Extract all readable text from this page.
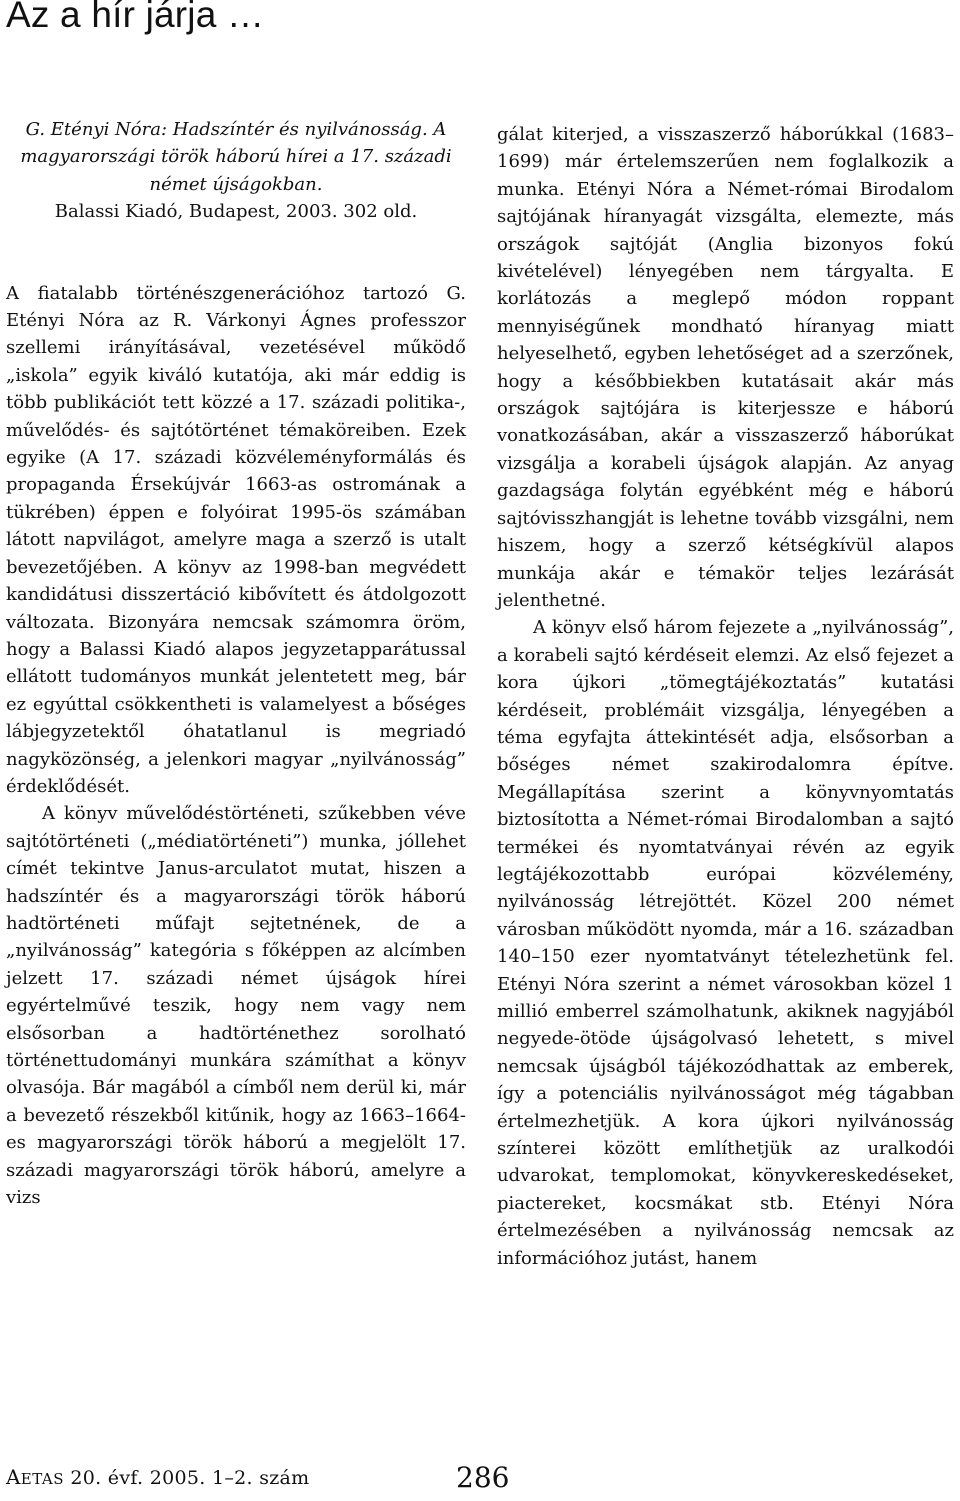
Az a hír járja …

G. Etényi Nóra: Hadszíntér és nyilvánosság. A magyarországi török háború hírei a 17. századi német újságokban.
Balassi Kiadó, Budapest, 2003. 302 old.

A fiatalabb történészgenerációhoz tartozó G. Etényi Nóra az R. Várkonyi Ágnes professzor szellemi irányításával, vezetésével működő „iskola” egyik kiváló kutatója, aki már eddig is több publikációt tett közzé a 17. századi politika-, művelődés- és sajtótörténet témaköreiben. Ezek egyike (A 17. századi közvéleményformálás és propaganda Érsekújvár 1663-as ostromának a tükrében) éppen e folyóirat 1995-ös számában látott napvilágot, amelyre maga a szerző is utalt bevezetőjében. A könyv az 1998-ban megvédett kandidátusi disszertáció kibővített és átdolgozott változata. Bizonyára nemcsak számomra öröm, hogy a Balassi Kiadó alapos jegyzetapparátussal ellátott tudományos munkát jelentetett meg, bár ez egyúttal csökkentheti is valamelyest a bőséges lábjegyzetektől óhatatlanul is megriadó nagyközönség, a jelenkori magyar „nyilvánosság” érdeklődését.

A könyv művelődéstörténeti, szűkebben véve sajtótörténeti („médiatörténeti”) munka, jóllehet címét tekintve Janus-arculatot mutat, hiszen a hadszíntér és a magyarországi török háború hadtörténeti műfajt sejtetnének, de a „nyilvánosság” kategória s főképpen az alcímben jelzett 17. századi német újságok hírei egyértelművé teszik, hogy nem vagy nem elsősorban a hadtörténethez sorolható történettudományi munkára számíthat a könyv olvasója. Bár magából a címből nem derül ki, már a bevezető részekből kitűnik, hogy az 1663–1664-es magyarországi török háború a megjelölt 17. századi magyarországi török háború, amelyre a vizs

gálat kiterjed, a visszaszerző háborúkkal (1683–1699) már értelemszerűen nem foglalkozik a munka. Etényi Nóra a Német-római Birodalom sajtójának híranyagát vizsgálta, elemezte, más országok sajtóját (Anglia bizonyos fokú kivételével) lényegében nem tárgyalta. E korlátozás a meglepő módon roppant mennyiségűnek mondható híranyag miatt helyeselhető, egyben lehetőséget ad a szerzőnek, hogy a későbbiekben kutatásait akár más országok sajtójára is kiterjessze e háború vonatkozásában, akár a visszaszerző háborúkat vizsgálja a korabeli újságok alapján. Az anyag gazdagsága folytán egyébként még e háború sajtóvisszhangját is lehetne tovább vizsgálni, nem hiszem, hogy a szerző kétségkívül alapos munkája akár e témakör teljes lezárását jelenthetné.

A könyv első három fejezete a „nyilvánosság”, a korabeli sajtó kérdéseit elemzi. Az első fejezet a kora újkori „tömegtájékoztatás” kutatási kérdéseit, problémáit vizsgálja, lényegében a téma egyfajta áttekintését adja, elsősorban a bőséges német szakirodalomra építve. Megállapítása szerint a könyvnyomtatás biztosította a Német-római Birodalomban a sajtó termékei és nyomtatványai révén az egyik legtájékozottabb európai közvélemény, nyilvánosság létrejöttét. Közel 200 német városban működött nyomda, már a 16. században 140–150 ezer nyomtatványt tételezhetünk fel. Etényi Nóra szerint a német városokban közel 1 millió emberrel számolhatunk, akiknek nagyjából negyede-ötöde újságolvasó lehetett, s mivel nemcsak újságból tájékozódhattak az emberek, így a potenciális nyilvánosságot még tágabban értelmezhetjük. A kora újkori nyilvánosság színterei között említhetjük az uralkodói udvarokat, templomokat, könyvkereskedéseket, piactereket, kocsmákat stb. Etényi Nóra értelmezésében a nyilvánosság nemcsak az információhoz jutást, hanem

AETAS 20. évf. 2005. 1–2. szám	286
